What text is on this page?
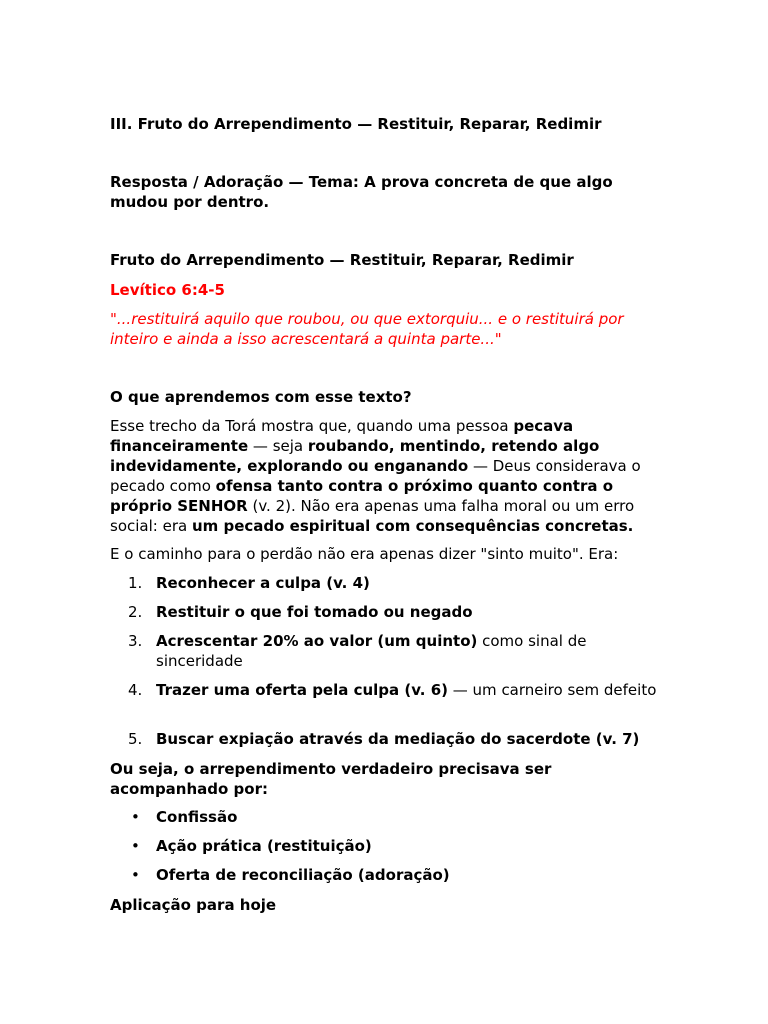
III. Fruto do Arrependimento — Restituir, Reparar, Redimir

Resposta / Adoração — Tema: A prova concreta de que algo mudou por dentro.

Fruto do Arrependimento — Restituir, Reparar, Redimir

Levítico 6:4-5

"...restituirá aquilo que roubou, ou que extorquiu... e o restituirá por inteiro e ainda a isso acrescentará a quinta parte..."

O que aprendemos com esse texto?

Esse trecho da Torá mostra que, quando uma pessoa pecava financeiramente — seja roubando, mentindo, retendo algo indevidamente, explorando ou enganando — Deus considerava o pecado como ofensa tanto contra o próximo quanto contra o próprio SENHOR (v. 2). Não era apenas uma falha moral ou um erro social: era um pecado espiritual com consequências concretas.

E o caminho para o perdão não era apenas dizer "sinto muito". Era:

1. Reconhecer a culpa (v. 4)
2. Restituir o que foi tomado ou negado
3. Acrescentar 20% ao valor (um quinto) como sinal de sinceridade
4. Trazer uma oferta pela culpa (v. 6) — um carneiro sem defeito
5. Buscar expiação através da mediação do sacerdote (v. 7)

Ou seja, o arrependimento verdadeiro precisava ser acompanhado por:

• Confissão
• Ação prática (restituição)
• Oferta de reconciliação (adoração)

Aplicação para hoje
